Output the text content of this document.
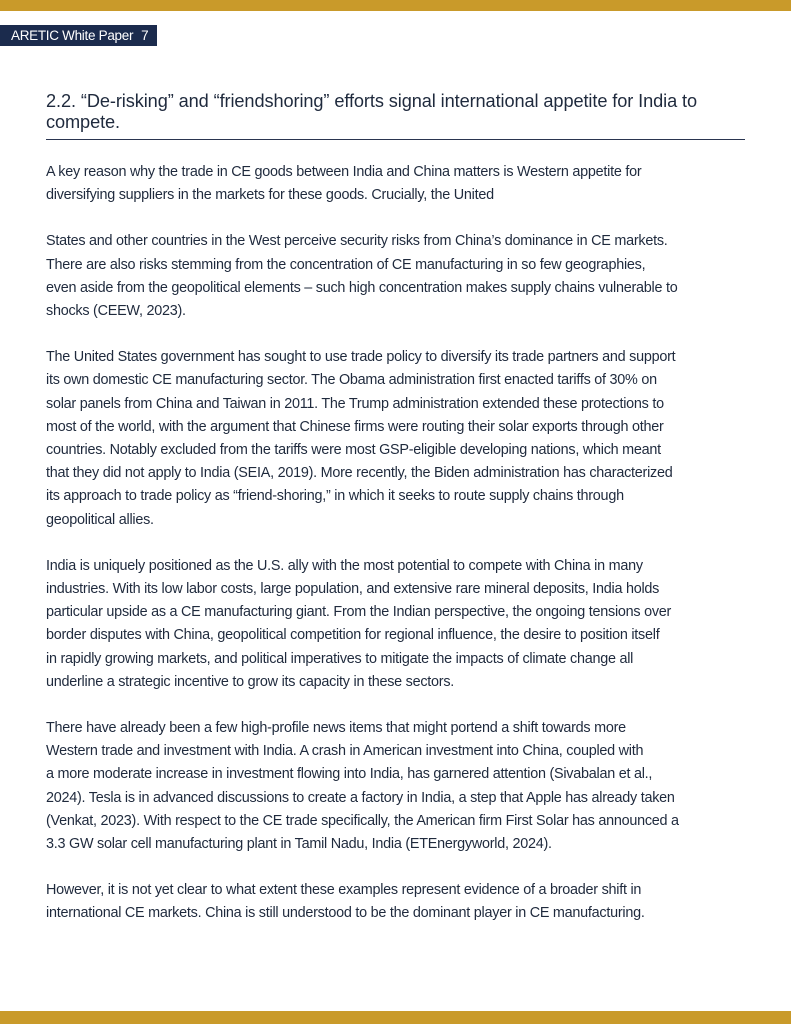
ARETIC White Paper 7
2.2. “De-risking” and “friendshoring” efforts signal international appetite for India to
compete.

A key reason why the trade in CE goods between India and China matters is Western appetite for
diversifying suppliers in the markets for these goods. Crucially, the United

States and other countries in the West perceive security risks from China’s dominance in CE markets.
There are also risks stemming from the concentration of CE manufacturing in so few geographies,
even aside from the geopolitical elements – such high concentration makes supply chains vulnerable to
shocks (CEEW, 2023).

The United States government has sought to use trade policy to diversify its trade partners and support
its own domestic CE manufacturing sector. The Obama administration first enacted tariffs of 30% on
solar panels from China and Taiwan in 2011. The Trump administration extended these protections to
most of the world, with the argument that Chinese firms were routing their solar exports through other
countries. Notably excluded from the tariffs were most GSP-eligible developing nations, which meant
that they did not apply to India (SEIA, 2019). More recently, the Biden administration has characterized
its approach to trade policy as “friend-shoring,” in which it seeks to route supply chains through
geopolitical allies.

India is uniquely positioned as the U.S. ally with the most potential to compete with China in many
industries. With its low labor costs, large population, and extensive rare mineral deposits, India holds
particular upside as a CE manufacturing giant. From the Indian perspective, the ongoing tensions over
border disputes with China, geopolitical competition for regional influence, the desire to position itself
in rapidly growing markets, and political imperatives to mitigate the impacts of climate change all
underline a strategic incentive to grow its capacity in these sectors.

There have already been a few high-profile news items that might portend a shift towards more
Western trade and investment with India. A crash in American investment into China, coupled with
a more moderate increase in investment flowing into India, has garnered attention (Sivabalan et al.,
2024). Tesla is in advanced discussions to create a factory in India, a step that Apple has already taken
(Venkat, 2023). With respect to the CE trade specifically, the American firm First Solar has announced a
3.3 GW solar cell manufacturing plant in Tamil Nadu, India (ETEnergyworld, 2024).

However, it is not yet clear to what extent these examples represent evidence of a broader shift in
international CE markets. China is still understood to be the dominant player in CE manufacturing.
